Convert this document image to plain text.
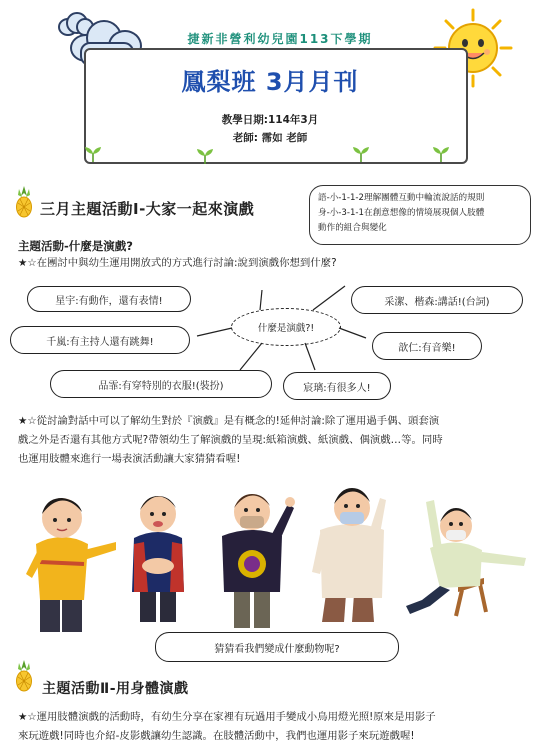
捷新非營利幼兒園113下學期
鳳梨班 3月月刊
教學日期:114年3月
老師: 霈如 老師
三月主題活動Ⅰ-大家一起來演戲
語-小-1-1-2理解團體互動中輪流說話的規則
身-小-3-1-1在創意想像的情境展現個人肢體
動作的組合與變化
主題活動-什麼是演戲?
★☆在團討中與幼生運用開放式的方式進行討論:說到演戲你想到什麼?
星宇:有動作，還有表情!	采潔、楷森:講話!(台詞)
千嵐:有主持人還有跳舞!
歆仁:有音樂!
品霏:有穿特別的衣服!(裝扮)	宸璃:有很多人!
什麼是演戲?!
★☆從討論對話中可以了解幼生對於『演戲』是有概念的!延伸討論:除了運用過手偶、頭套演
戲之外是否還有其他方式呢?帶領幼生了解演戲的呈現:紙箱演戲、紙演戲、偶演戲…等。同時
也運用肢體來進行一場表演活動讓大家猜猜看喔!
猜猜看我們變成什麼動物呢?
主題活動Ⅱ-用身體演戲
★☆運用肢體演戲的活動時，有幼生分享在家裡有玩過用手變成小鳥用燈光照!原來是用影子
來玩遊戲!同時也介紹-皮影戲讓幼生認識。在肢體活動中，我們也運用影子來玩遊戲喔!
